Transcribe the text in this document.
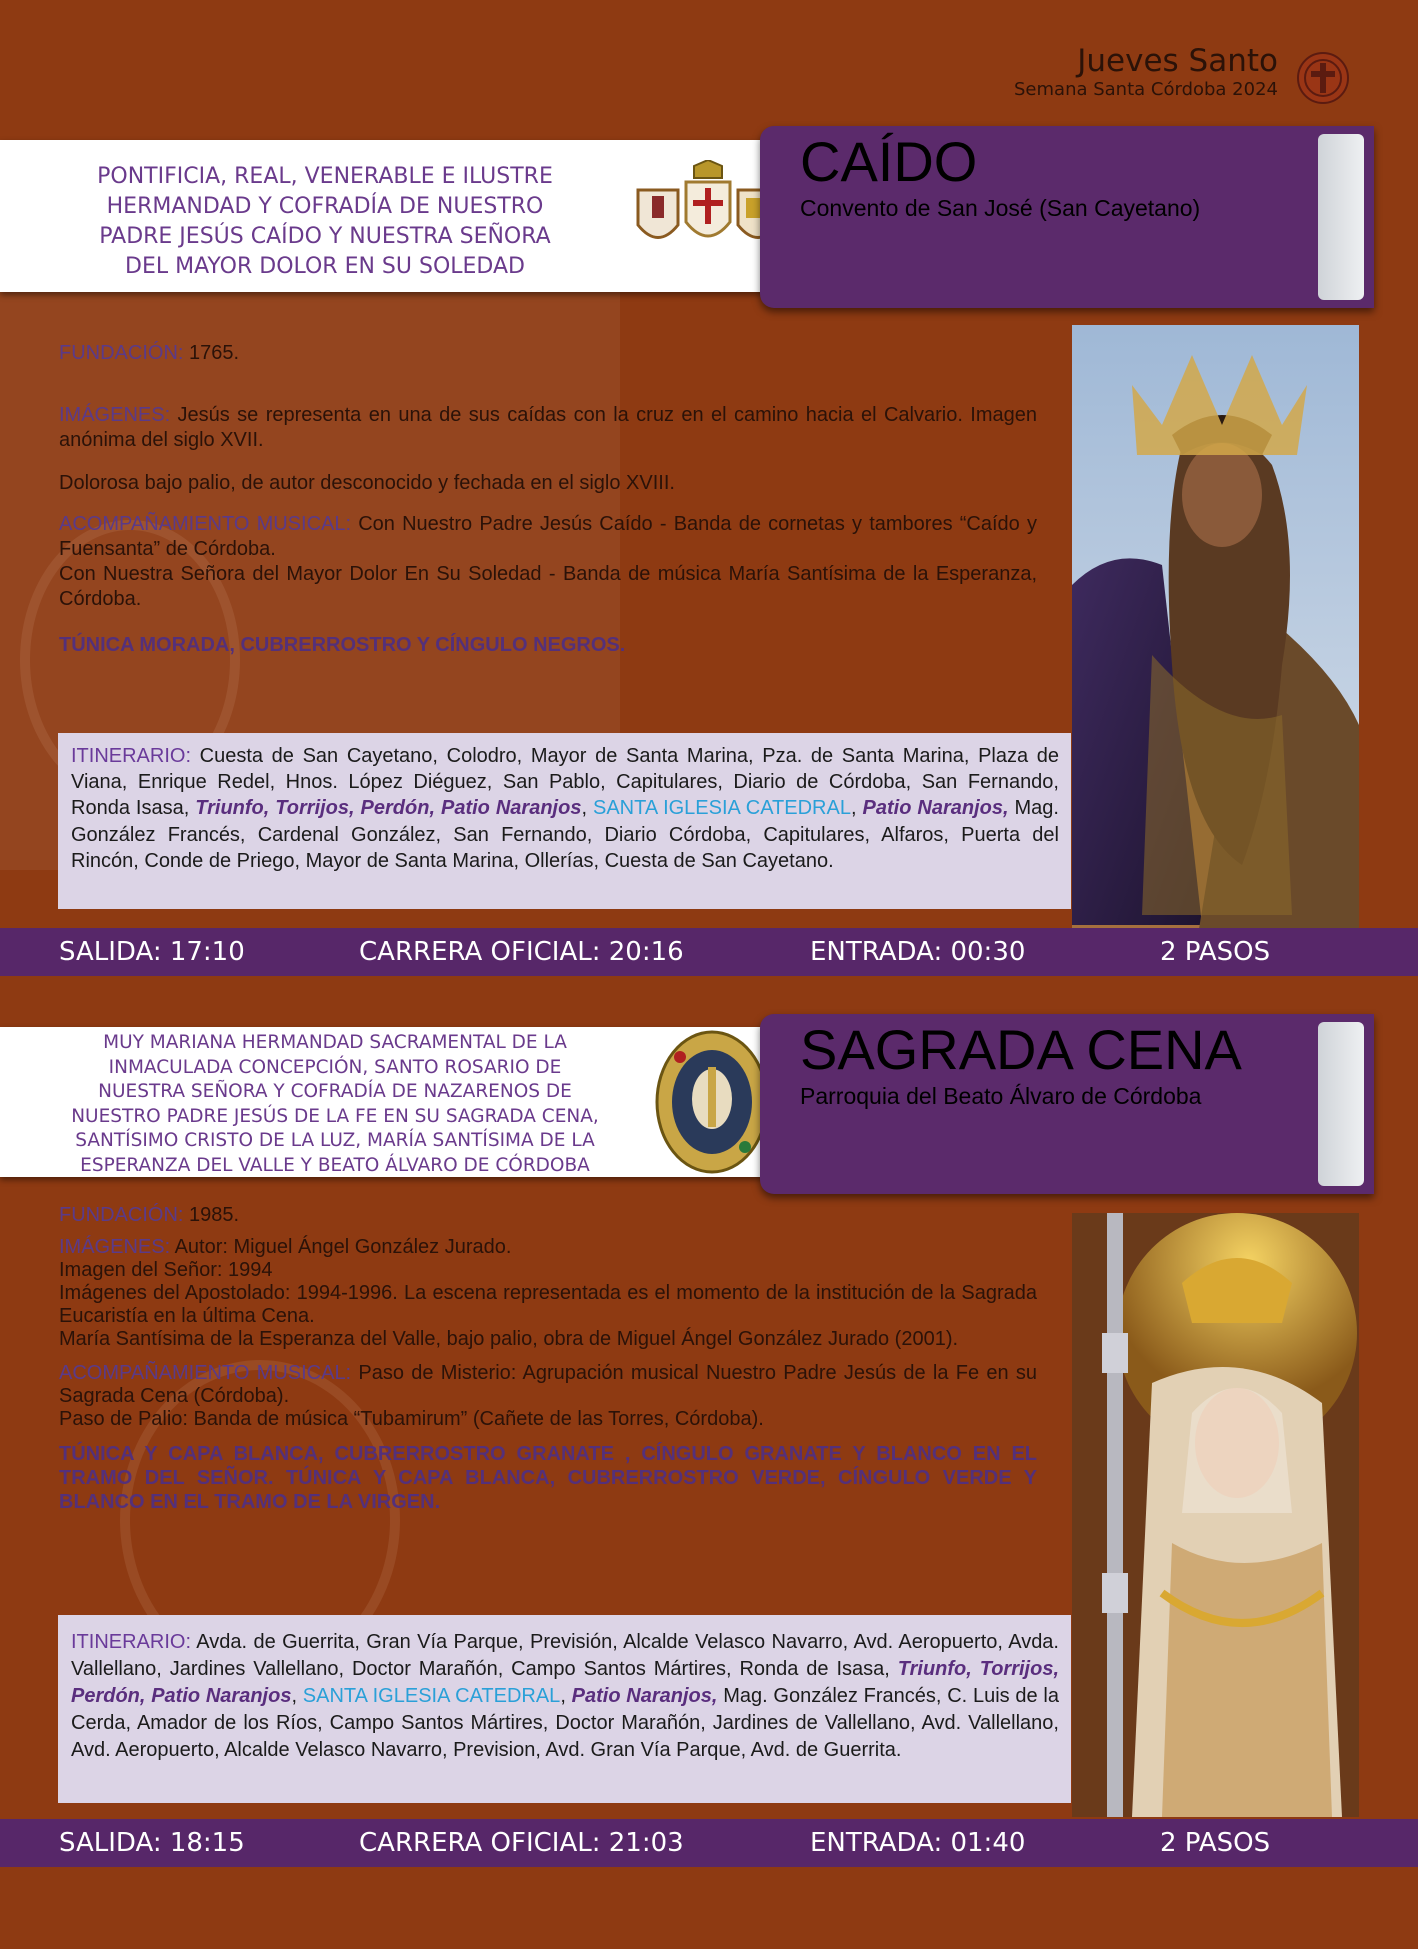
Jueves Santo
Semana Santa Córdoba 2024
PONTIFICIA, REAL, VENERABLE E ILUSTRE
HERMANDAD Y COFRADÍA DE NUESTRO
PADRE JESÚS CAÍDO Y NUESTRA SEÑORA
DEL MAYOR DOLOR EN SU SOLEDAD
CAÍDO
Convento de San José (San Cayetano)

FUNDACIÓN: 1765.

IMÁGENES: Jesús se representa en una de sus caídas con la cruz en el camino hacia el Calvario. Imagen anónima del siglo XVII.

Dolorosa bajo palio, de autor desconocido y fechada en el siglo XVIII.

ACOMPAÑAMIENTO MUSICAL: Con Nuestro Padre Jesús Caído - Banda de cornetas y tambores “Caído y Fuensanta” de Córdoba.

Con Nuestra Señora del Mayor Dolor En Su Soledad - Banda de música María Santísima de la Esperanza, Córdoba.

TÚNICA MORADA, CUBRERROSTRO Y CÍNGULO NEGROS.

ITINERARIO: Cuesta de San Cayetano, Colodro, Mayor de Santa Marina, Pza. de Santa Marina, Plaza de Viana, Enrique Redel, Hnos. López Diéguez, San Pablo, Capitulares, Diario de Córdoba, San Fernando, Ronda Isasa, Triunfo, Torrijos, Perdón, Patio Naranjos, SANTA IGLESIA CATEDRAL, Patio Naranjos, Mag. González Francés, Cardenal González, San Fernando, Diario Córdoba, Capitulares, Alfaros, Puerta del Rincón, Conde de Priego, Mayor de Santa Marina, Ollerías, Cuesta de San Cayetano.
SALIDA: 17:10	CARRERA OFICIAL: 20:16	ENTRADA: 00:30	2 PASOS
MUY MARIANA HERMANDAD SACRAMENTAL DE LA
INMACULADA CONCEPCIÓN, SANTO ROSARIO DE
NUESTRA SEÑORA Y COFRADÍA DE NAZARENOS DE
NUESTRO PADRE JESÚS DE LA FE EN SU SAGRADA CENA,
SANTÍSIMO CRISTO DE LA LUZ, MARÍA SANTÍSIMA DE LA
ESPERANZA DEL VALLE Y BEATO ÁLVARO DE CÓRDOBA
SAGRADA CENA
Parroquia del Beato Álvaro de Córdoba

FUNDACIÓN: 1985.

IMÁGENES: Autor: Miguel Ángel González Jurado.

Imagen del Señor: 1994

Imágenes del Apostolado: 1994-1996. La escena representada es el momento de la institución de la Sagrada Eucaristía en la última Cena.

María Santísima de la Esperanza del Valle, bajo palio, obra de Miguel Ángel González Jurado (2001).

ACOMPAÑAMIENTO MUSICAL: Paso de Misterio: Agrupación musical Nuestro Padre Jesús de la Fe en su Sagrada Cena (Córdoba).

Paso de Palio: Banda de música “Tubamirum” (Cañete de las Torres, Córdoba).

TÚNICA Y CAPA BLANCA, CUBRERROSTRO GRANATE , CÍNGULO GRANATE Y BLANCO EN EL TRAMO DEL SEÑOR. TÚNICA Y CAPA BLANCA, CUBRERROSTRO VERDE, CÍNGULO VERDE Y BLANCO EN EL TRAMO DE LA VIRGEN.

ITINERARIO: Avda. de Guerrita, Gran Vía Parque, Previsión, Alcalde Velasco Navarro, Avd. Aeropuerto, Avda. Vallellano, Jardines Vallellano, Doctor Marañón, Campo Santos Mártires, Ronda de Isasa, Triunfo, Torrijos, Perdón, Patio Naranjos, SANTA IGLESIA CATEDRAL, Patio Naranjos, Mag. González Francés, C. Luis de la Cerda, Amador de los Ríos, Campo Santos Mártires, Doctor Marañón, Jardines de Vallellano, Avd. Vallellano, Avd. Aeropuerto, Alcalde Velasco Navarro, Prevision, Avd. Gran Vía Parque, Avd. de Guerrita.
SALIDA: 18:15	CARRERA OFICIAL: 21:03	ENTRADA: 01:40	2 PASOS
